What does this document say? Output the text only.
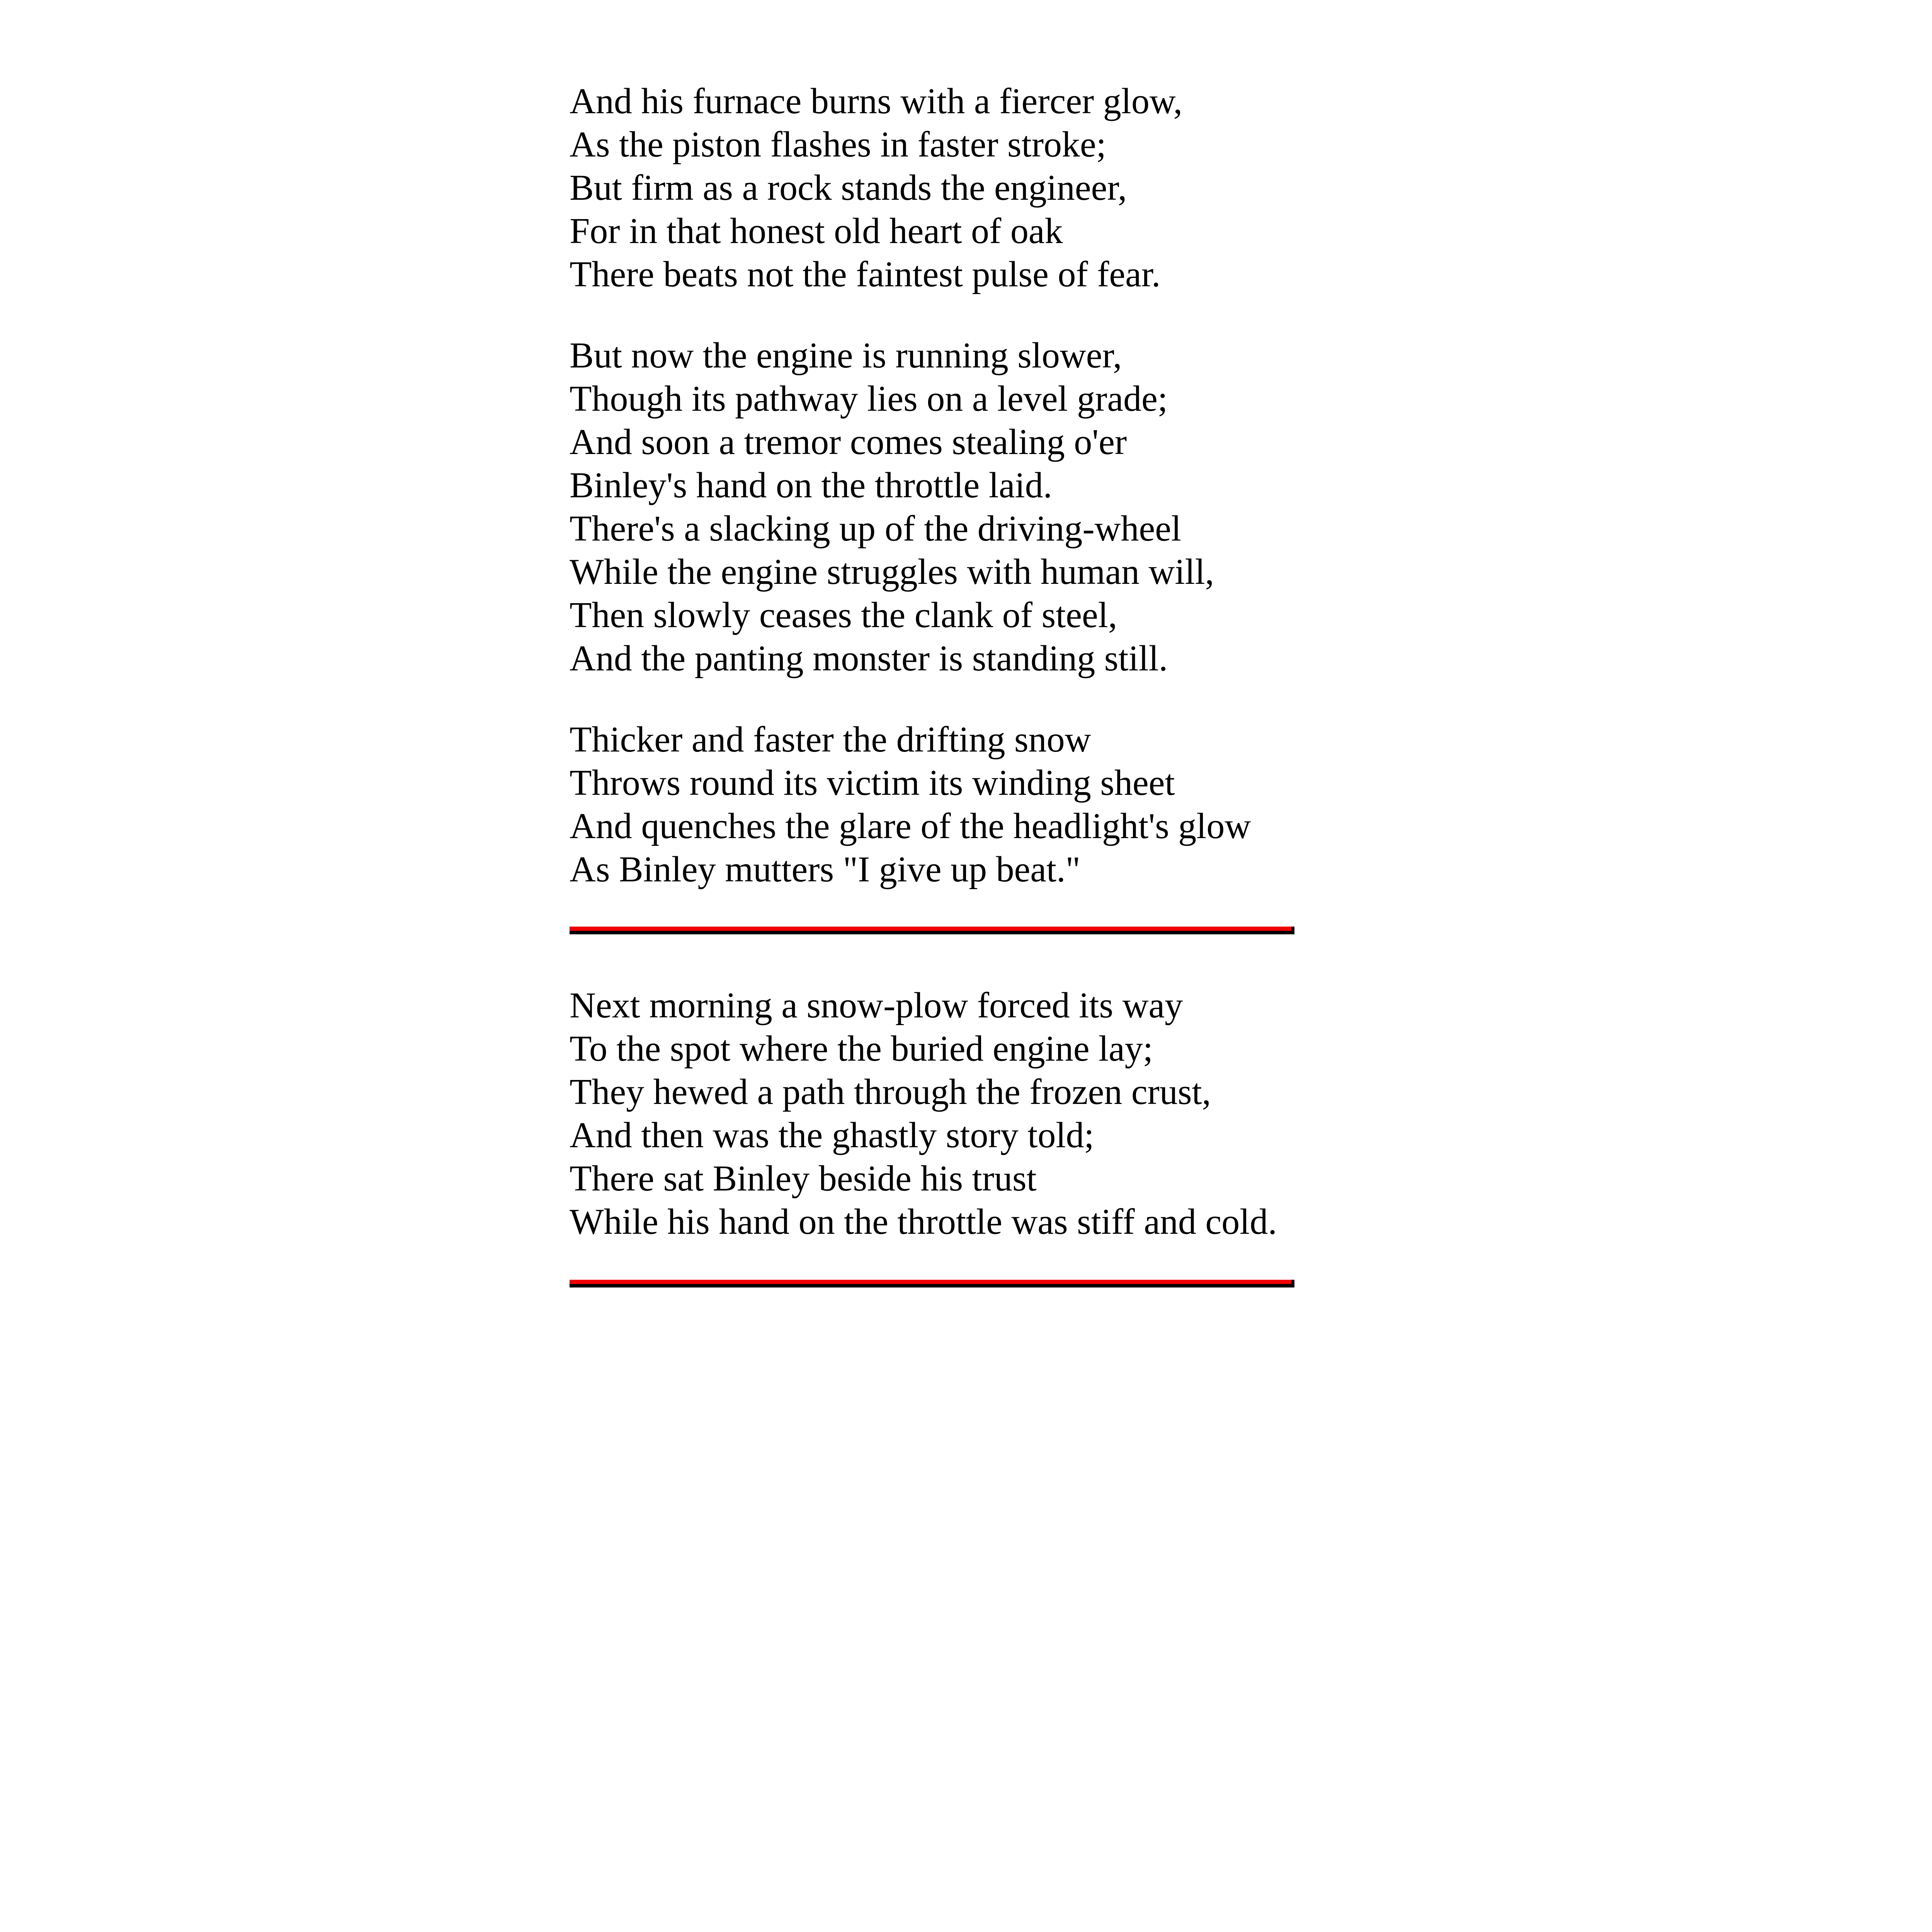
And his furnace burns with a fiercer glow,
As the piston flashes in faster stroke;
But firm as a rock stands the engineer,
For in that honest old heart of oak
There beats not the faintest pulse of fear.
But now the engine is running slower,
Though its pathway lies on a level grade;
And soon a tremor comes stealing o'er
Binley's hand on the throttle laid.
There's a slacking up of the driving-wheel
While the engine struggles with human will,
Then slowly ceases the clank of steel,
And the panting monster is standing still.
Thicker and faster the drifting snow
Throws round its victim its winding sheet
And quenches the glare of the headlight's glow
As Binley mutters "I give up beat."
Next morning a snow-plow forced its way
To the spot where the buried engine lay;
They hewed a path through the frozen crust,
And then was the ghastly story told;
There sat Binley beside his trust
While his hand on the throttle was stiff and cold.
